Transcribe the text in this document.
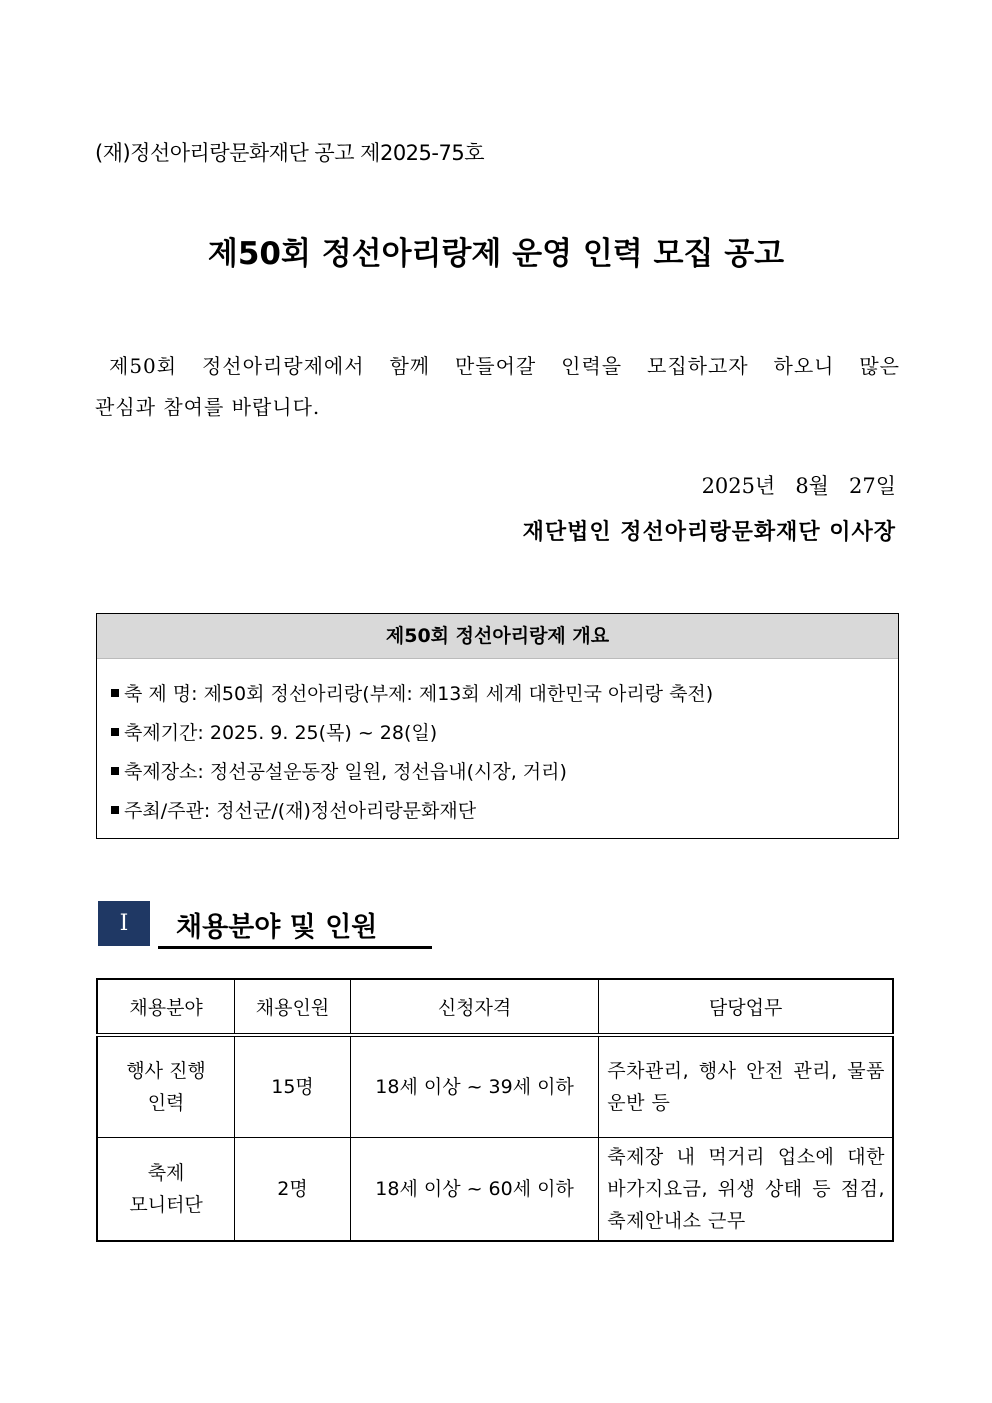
(재)정선아리랑문화재단 공고 제2025-75호
제50회 정선아리랑제 운영 인력 모집 공고
제50회 정선아리랑제에서 함께 만들어갈 인력을 모집하고자 하오니 많은
관심과 참여를 바랍니다.
2025년   8월   27일
재단법인 정선아리랑문화재단 이사장
제50회 정선아리랑제 개요
축 제 명: 제50회 정선아리랑(부제: 제13회 세계 대한민국 아리랑 축전)
축제기간: 2025. 9. 25(목) ~ 28(일)
축제장소: 정선공설운동장 일원, 정선읍내(시장, 거리)
주최/주관: 정선군/(재)정선아리랑문화재단
I	채용분야 및 인원
채용분야	채용인원	신청자격	담당업무
행사 진행
인력	15명	18세 이상 ~ 39세 이하	주차관리, 행사 안전 관리, 물품 운반 등
축제
모니터단	2명	18세 이상 ~ 60세 이하	축제장 내 먹거리 업소에 대한 바가지요금, 위생 상태 등 점검, 축제안내소 근무
